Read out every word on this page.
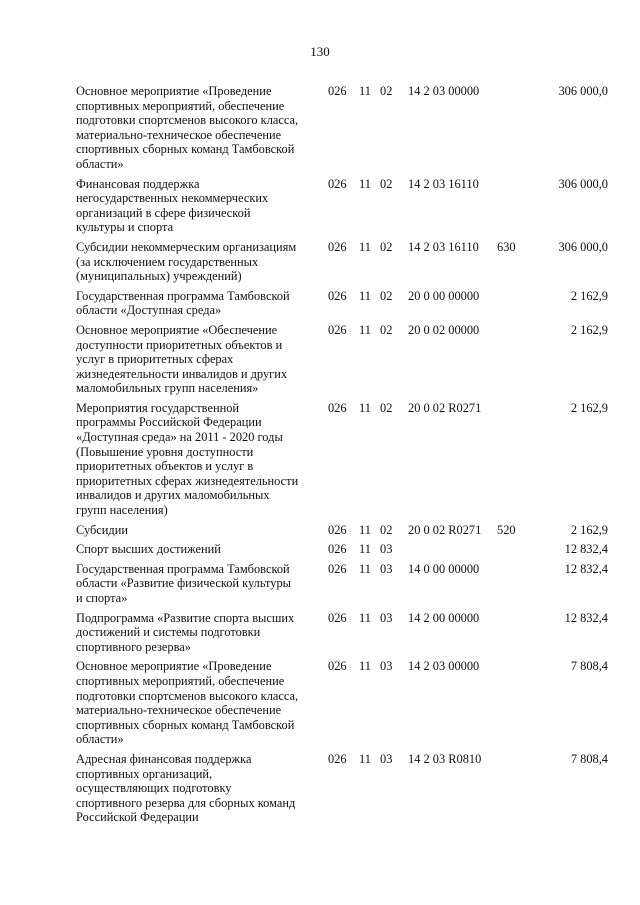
130
Основное мероприятие «Проведение
спортивных мероприятий, обеспечение
подготовки спортсменов высокого класса,
материально-техническое обеспечение
спортивных сборных команд Тамбовской
области»
026 11 02 14 2 03 00000	306 000,0
Финансовая поддержка
негосударственных некоммерческих
организаций в сфере физической
культуры и спорта
026 11 02 14 2 03 16110	306 000,0
Субсидии некоммерческим организациям
(за исключением государственных
(муниципальных) учреждений)
026 11 02 14 2 03 16110 630	306 000,0
Государственная программа Тамбовской
области «Доступная среда»
026 11 02 20 0 00 00000	2 162,9
Основное мероприятие «Обеспечение
доступности приоритетных объектов и
услуг в приоритетных сферах
жизнедеятельности инвалидов и других
маломобильных групп населения»
026 11 02 20 0 02 00000	2 162,9
Мероприятия государственной
программы Российской Федерации
«Доступная среда» на 2011 - 2020 годы
(Повышение уровня доступности
приоритетных объектов и услуг в
приоритетных сферах жизнедеятельности
инвалидов и других маломобильных
групп населения)
026 11 02 20 0 02 R0271	2 162,9
Субсидии	026 11 02 20 0 02 R0271 520	2 162,9
Спорт высших достижений	026 11 03	12 832,4
Государственная программа Тамбовской
области «Развитие физической культуры
и спорта»
026 11 03 14 0 00 00000	12 832,4
Подпрограмма «Развитие спорта высших
достижений и системы подготовки
спортивного резерва»
026 11 03 14 2 00 00000	12 832,4
Основное мероприятие «Проведение
спортивных мероприятий, обеспечение
подготовки спортсменов высокого класса,
материально-техническое обеспечение
спортивных сборных команд Тамбовской
области»
026 11 03 14 2 03 00000	7 808,4
Адресная финансовая поддержка
спортивных организаций,
осуществляющих подготовку
спортивного резерва для сборных команд
Российской Федерации
026 11 03 14 2 03 R0810	7 808,4
